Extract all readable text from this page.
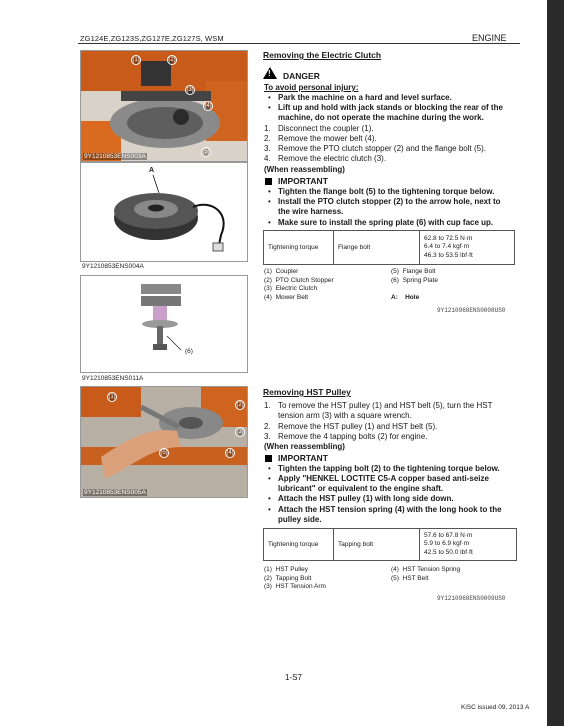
ZG124E,ZG123S,ZG127E,ZG127S, WSM	ENGINE
(1)	(2)
(3)
(4)
(5)
9Y1210853ENS003A
A
9Y1210853ENS004A
(6)
9Y1210853ENS011A
(1)
(2)
(3)
(4)
(5)
9Y1210853ENS005A
Removing the Electric Clutch
! DANGER
To avoid personal injury:
• Park the machine on a hard and level surface.
• Lift up and hold with jack stands or blocking the rear of the
machine, do not operate the machine during the work.
1. Disconnect the coupler (1).
2. Remove the mower belt (4).
3. Remove the PTO clutch stopper (2) and the flange bolt (5).
4. Remove the electric clutch (3).
(When reassembling)
IMPORTANT
• Tighten the flange bolt (5) to the tightening torque below.
• Install the PTO clutch stopper (2) to the arrow hole, next to
the wire harness.
• Make sure to install the spring plate (6) with cup face up.
Tightening torque	Flange bolt	
62.8 to 72.5 N·m
6.4 to 7.4 kgf·m
46.3 to 53.5 lbf·ft
(1) Coupler
(2) PTO Clutch Stopper
(3) Electric Clutch
(4) Mower Belt
(5) Flange Bolt
(6) Spring Plate

A: Hole
9Y1210968ENS0008US0
Removing HST Pulley
1. To remove the HST pulley (1) and HST belt (5), turn the HST
tension arm (3) with a square wrench.
2. Remove the HST pulley (1) and HST belt (5).
3. Remove the 4 tapping bolts (2) for engine.
(When reassembling)
IMPORTANT
• Tighten the tapping bolt (2) to the tightening torque below.
• Apply "HENKEL LOCTITE C5-A copper based anti-seize
lubricant" or equivalent to the engine shaft.
• Attach the HST pulley (1) with long side down.
• Attach the HST tension spring (4) with the long hook to the
pulley side.
Tightening torque	Tapping bolt	
57.6 to 67.8 N·m
5.9 to 6.9 kgf·m
42.5 to 50.0 lbf·ft
(1) HST Pulley
(2) Tapping Bolt
(3) HST Tension Arm
(4) HST Tension Spring
(5) HST Belt
9Y1210968ENS0009US0
1-S7
KiSC issued 09, 2013 A
